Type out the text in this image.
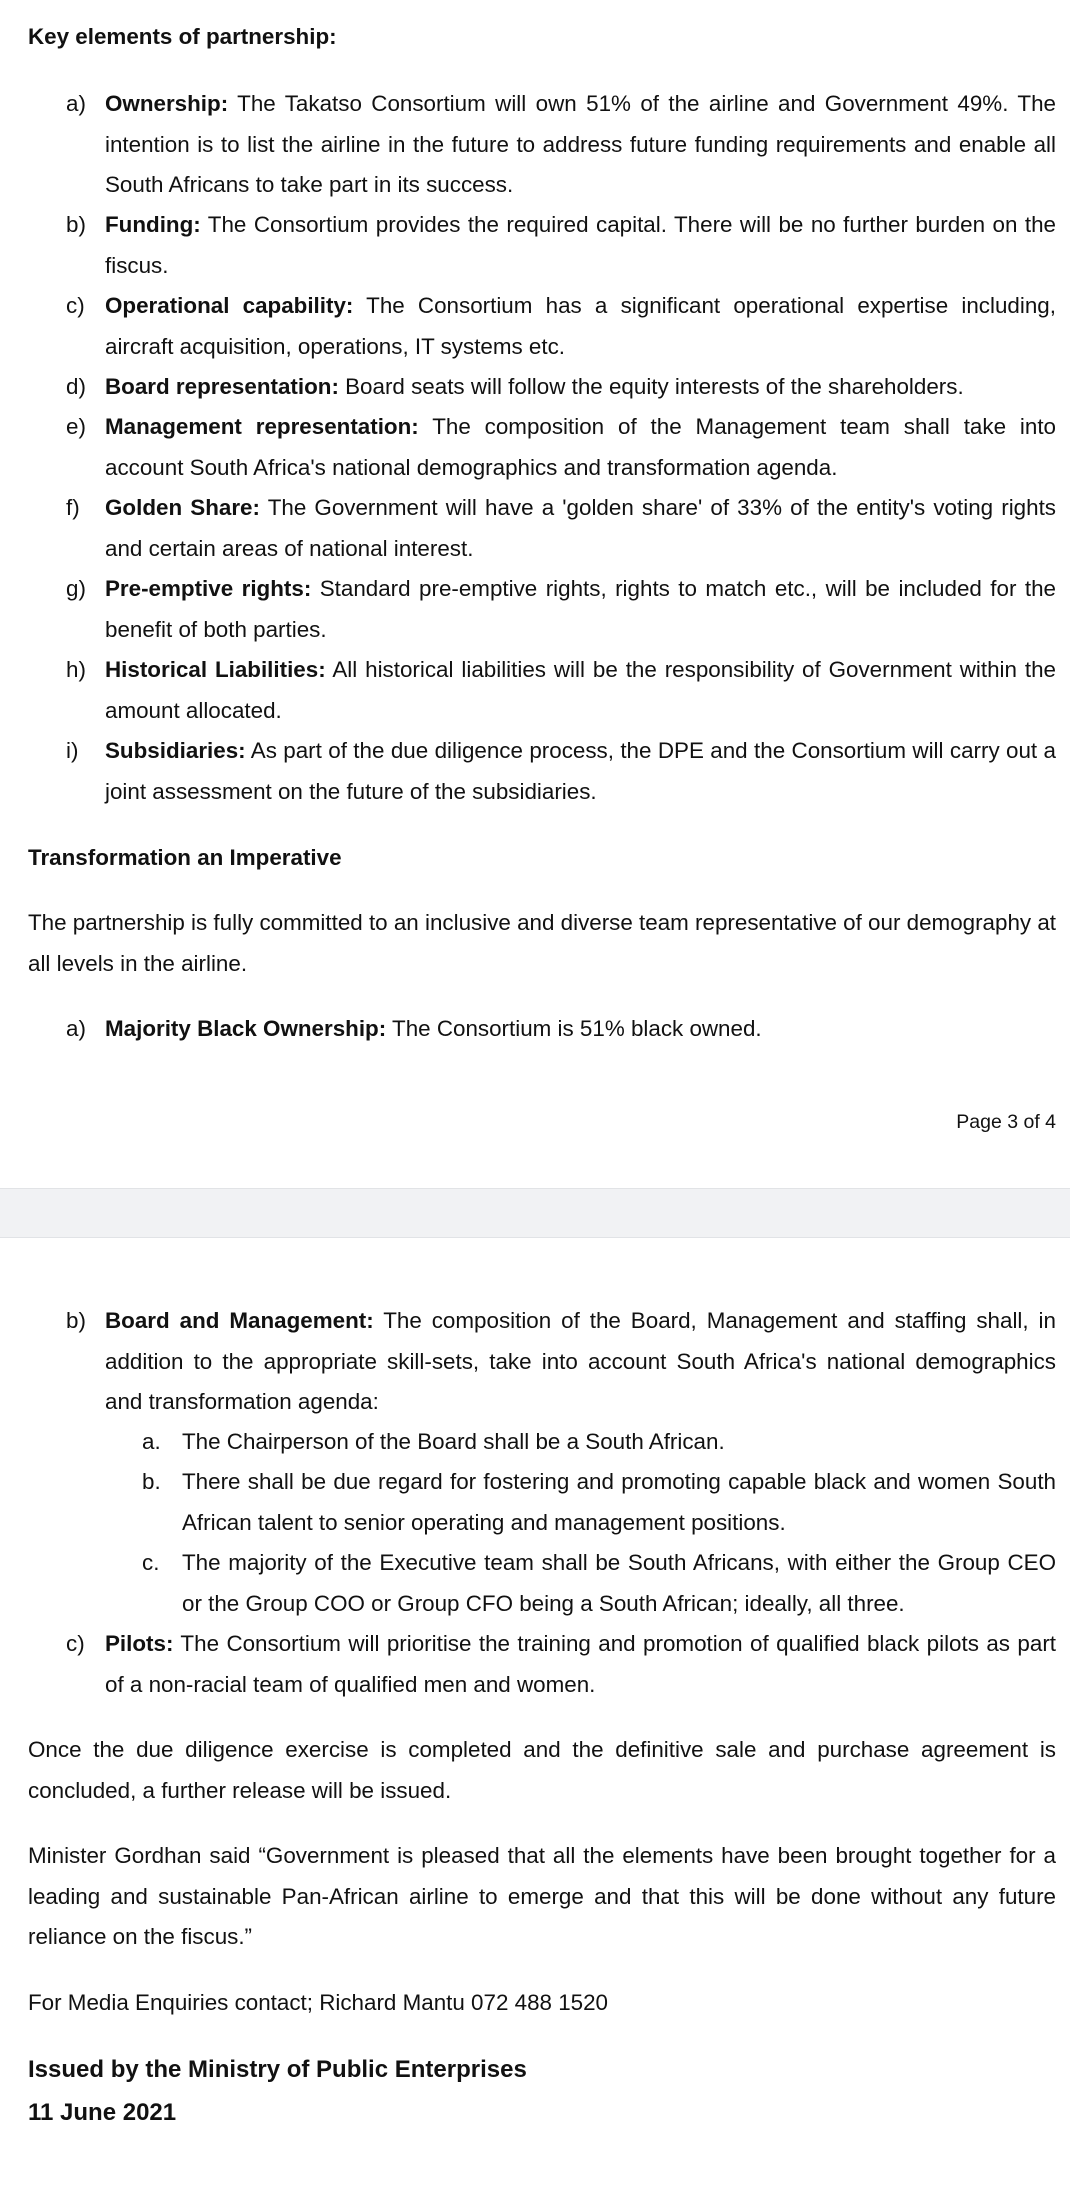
Key elements of partnership:
a) Ownership: The Takatso Consortium will own 51% of the airline and Government 49%. The intention is to list the airline in the future to address future funding requirements and enable all South Africans to take part in its success.
b) Funding: The Consortium provides the required capital. There will be no further burden on the fiscus.
c) Operational capability: The Consortium has a significant operational expertise including, aircraft acquisition, operations, IT systems etc.
d) Board representation: Board seats will follow the equity interests of the shareholders.
e) Management representation: The composition of the Management team shall take into account South Africa's national demographics and transformation agenda.
f) Golden Share: The Government will have a 'golden share' of 33% of the entity's voting rights and certain areas of national interest.
g) Pre-emptive rights: Standard pre-emptive rights, rights to match etc., will be included for the benefit of both parties.
h) Historical Liabilities: All historical liabilities will be the responsibility of Government within the amount allocated.
i) Subsidiaries: As part of the due diligence process, the DPE and the Consortium will carry out a joint assessment on the future of the subsidiaries.
Transformation an Imperative
The partnership is fully committed to an inclusive and diverse team representative of our demography at all levels in the airline.
a) Majority Black Ownership: The Consortium is 51% black owned.
Page 3 of 4
b) Board and Management: The composition of the Board, Management and staffing shall, in addition to the appropriate skill-sets, take into account South Africa's national demographics and transformation agenda:
a. The Chairperson of the Board shall be a South African.
b. There shall be due regard for fostering and promoting capable black and women South African talent to senior operating and management positions.
c. The majority of the Executive team shall be South Africans, with either the Group CEO or the Group COO or Group CFO being a South African; ideally, all three.
c) Pilots: The Consortium will prioritise the training and promotion of qualified black pilots as part of a non-racial team of qualified men and women.
Once the due diligence exercise is completed and the definitive sale and purchase agreement is concluded, a further release will be issued.
Minister Gordhan said “Government is pleased that all the elements have been brought together for a leading and sustainable Pan-African airline to emerge and that this will be done without any future reliance on the fiscus.”
For Media Enquiries contact; Richard Mantu 072 488 1520
Issued by the Ministry of Public Enterprises
11 June 2021
